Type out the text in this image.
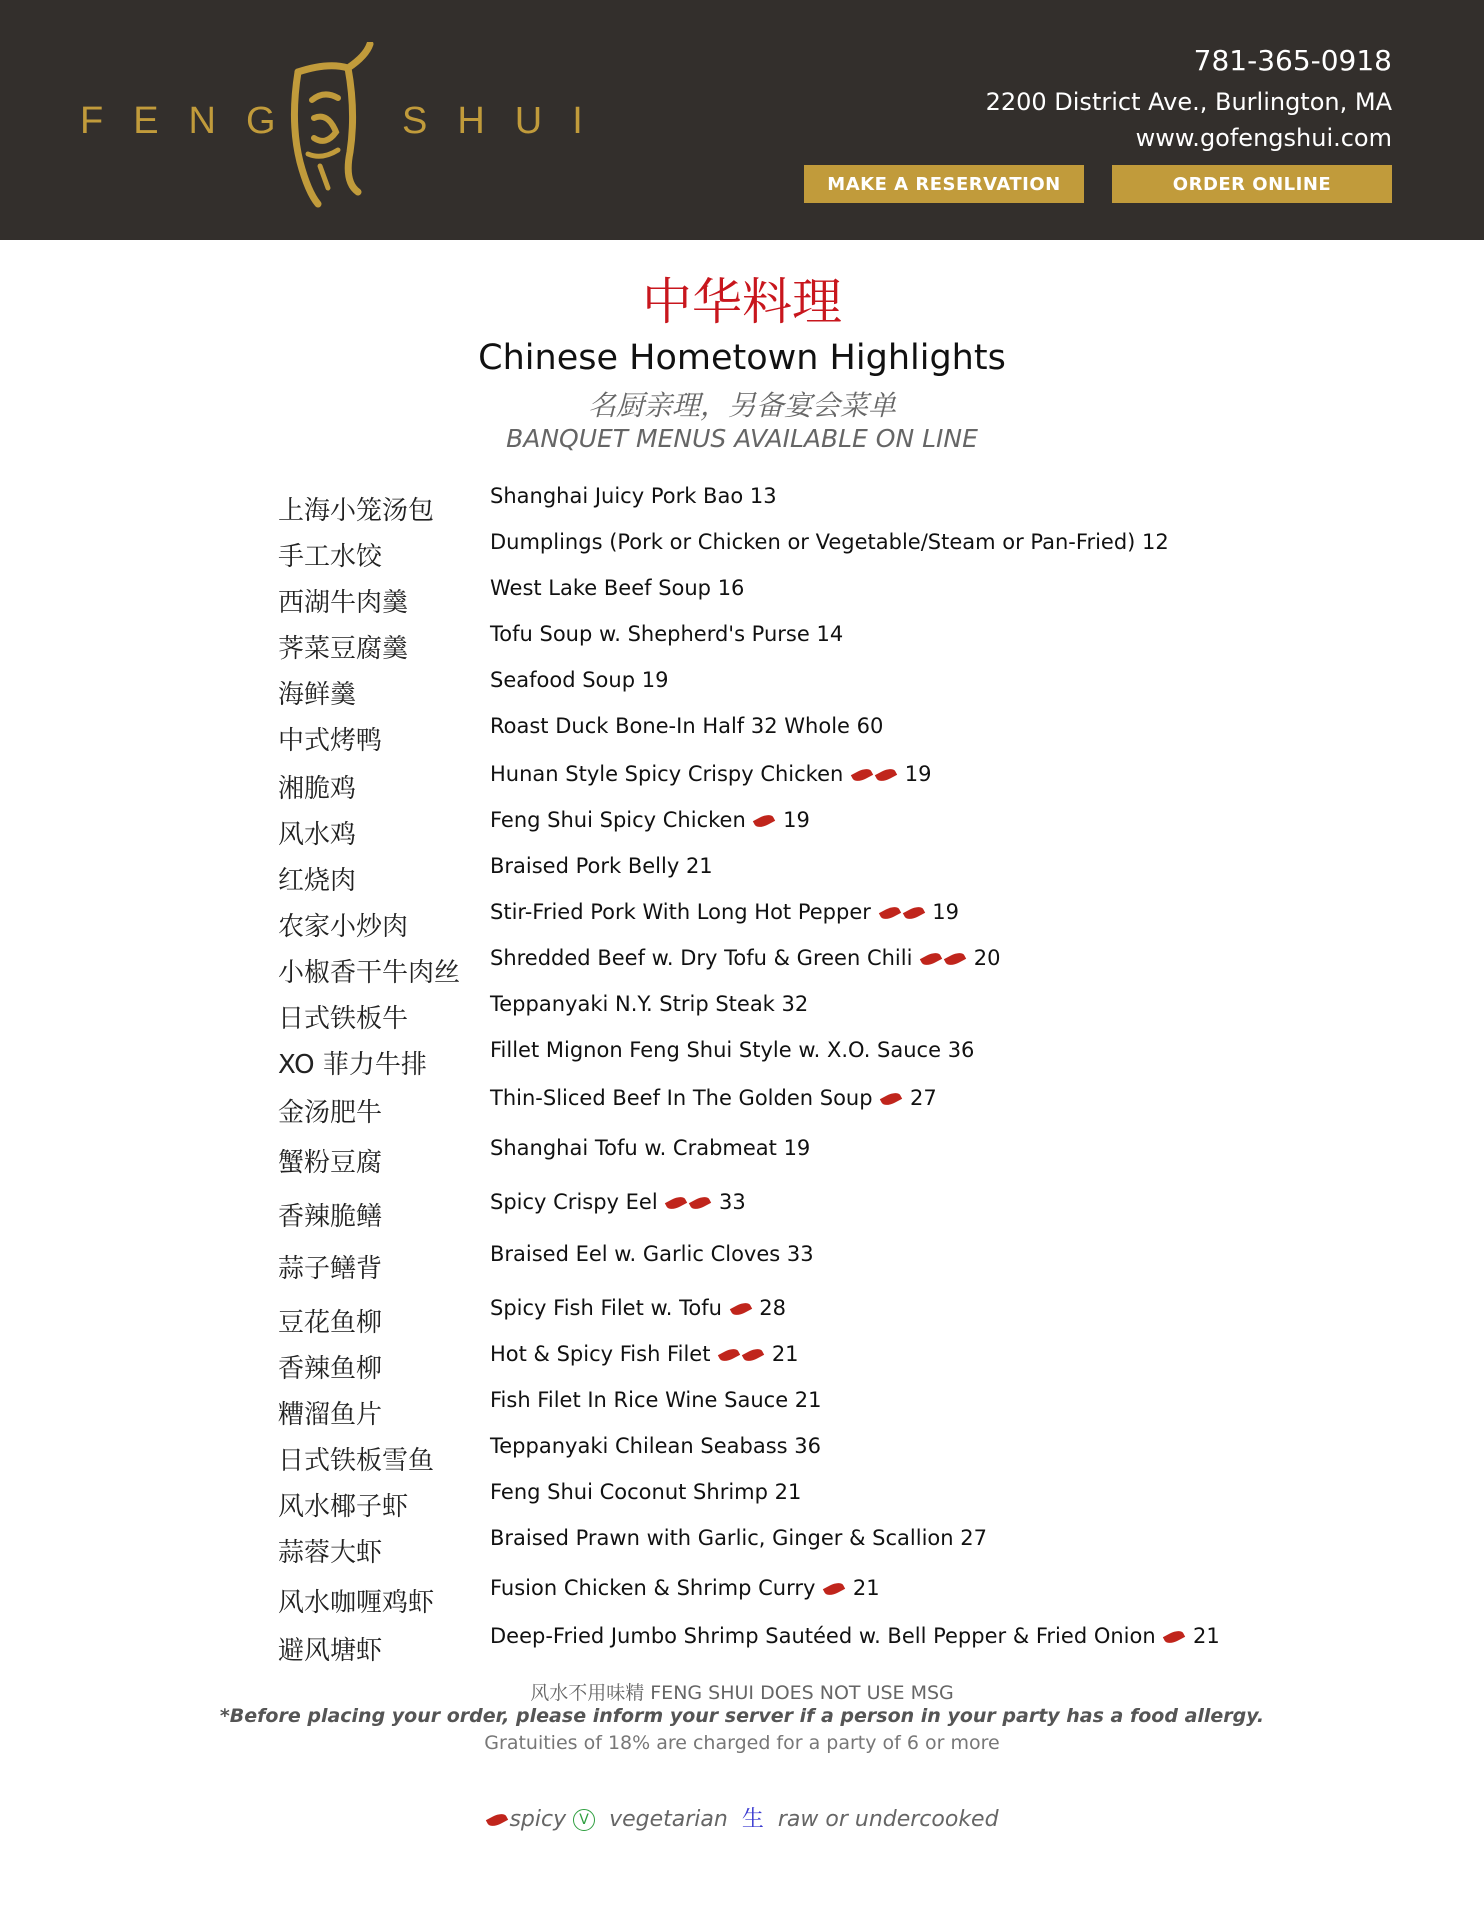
FENG	SHUI
781-365-0918
2200 District Ave., Burlington, MA
www.gofengshui.com
MAKE A RESERVATION	ORDER ONLINE
中华料理
Chinese Hometown Highlights
名厨亲理，另备宴会菜单
BANQUET MENUS AVAILABLE ON LINE
上海小笼汤包	Shanghai Juicy Pork Bao 13
手工水饺	Dumplings (Pork or Chicken or Vegetable/Steam or Pan-Fried) 12
西湖牛肉羹	West Lake Beef Soup 16
荠菜豆腐羹	Tofu Soup w. Shepherd's Purse 14
海鲜羹	Seafood Soup 19
中式烤鸭	Roast Duck Bone-In Half 32 Whole 60
湘脆鸡	Hunan Style Spicy Crispy Chicken	19
风水鸡	Feng Shui Spicy Chicken 19
红烧肉	Braised Pork Belly 21
农家小炒肉	Stir-Fried Pork With Long Hot Pepper	19
小椒香干牛肉丝 Shredded Beef w. Dry Tofu & Green Chili	20
日式铁板牛	Teppanyaki N.Y. Strip Steak 32
XO 菲力牛排	Fillet Mignon Feng Shui Style w. X.O. Sauce 36
金汤肥牛	Thin-Sliced Beef In The Golden Soup 27
蟹粉豆腐	Shanghai Tofu w. Crabmeat 19
香辣脆鳝	Spicy Crispy Eel	33
蒜子鳝背	Braised Eel w. Garlic Cloves 33
豆花鱼柳	Spicy Fish Filet w. Tofu 28
香辣鱼柳	Hot & Spicy Fish Filet	21
糟溜鱼片	Fish Filet In Rice Wine Sauce 21
日式铁板雪鱼	Teppanyaki Chilean Seabass 36
风水椰子虾	Feng Shui Coconut Shrimp 21
蒜蓉大虾	Braised Prawn with Garlic, Ginger & Scallion 27
风水咖喱鸡虾	Fusion Chicken & Shrimp Curry 21
避风塘虾	Deep-Fried Jumbo Shrimp Sautéed w. Bell Pepper & Fried Onion 21
风水不用味精 FENG SHUI DOES NOT USE MSG
*Before placing your order, please inform your server if a person in your party has a food allergy.
Gratuities of 18% are charged for a party of 6 or more
spicy V vegetarian 生 raw or undercooked
